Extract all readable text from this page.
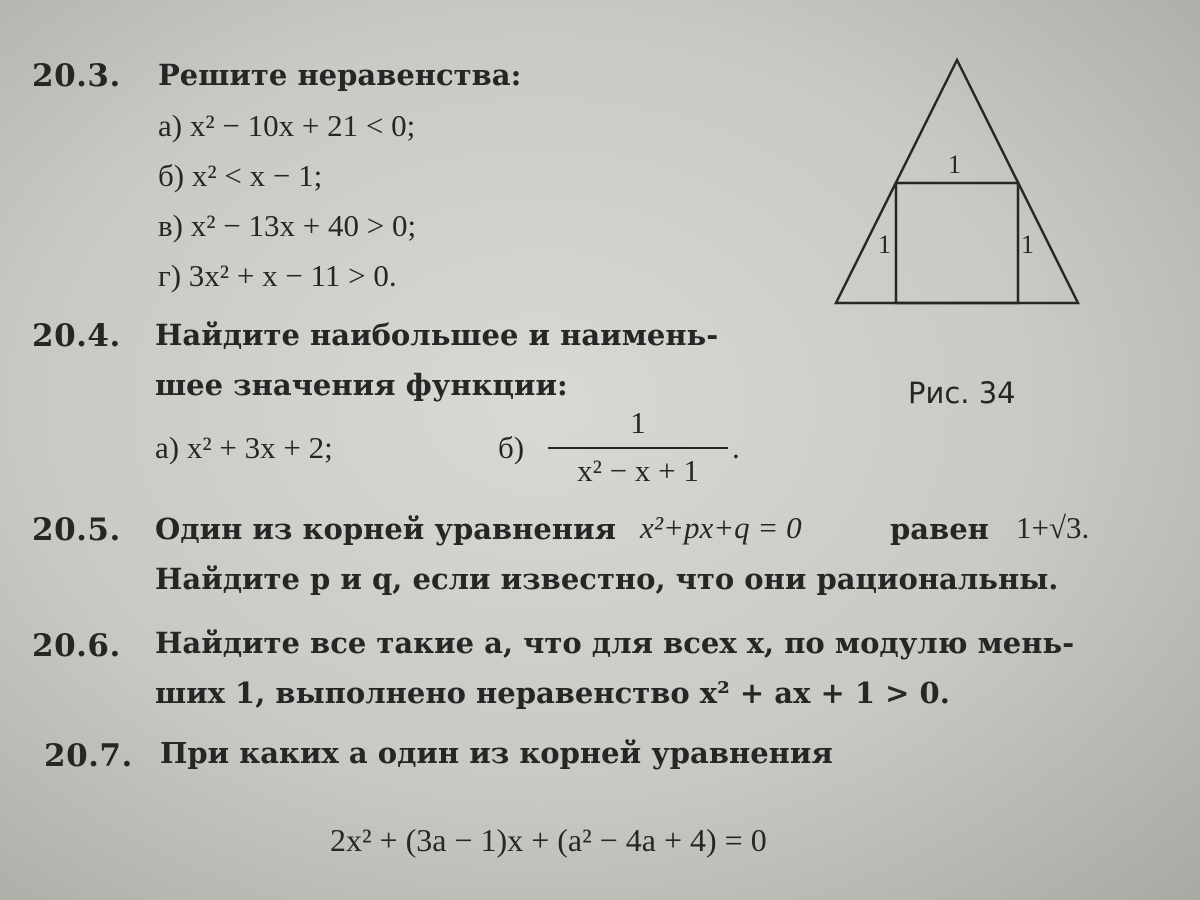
20.3. Решите неравенства:
а) x² − 10x + 21 < 0;
б) x² < x − 1;
в) x² − 13x + 40 > 0;
г) 3x² + x − 11 > 0.
20.4. Найдите наибольшее и наимень-
шее значения функции:
а) x² + 3x + 2;	б)
1
x² − x + 1
.
20.5. Один из корней уравнения x²+px+q = 0	равен 1+√3.
Найдите p и q, если известно, что они рациональны.
20.6. Найдите все такие a, что для всех x, по модулю мень-
ших 1, выполнено неравенство x² + ax + 1 > 0.
20.7. При каких a один из корней уравнения
2x² + (3a − 1)x + (a² − 4a + 4) = 0
1
1	1
Рис. 34
